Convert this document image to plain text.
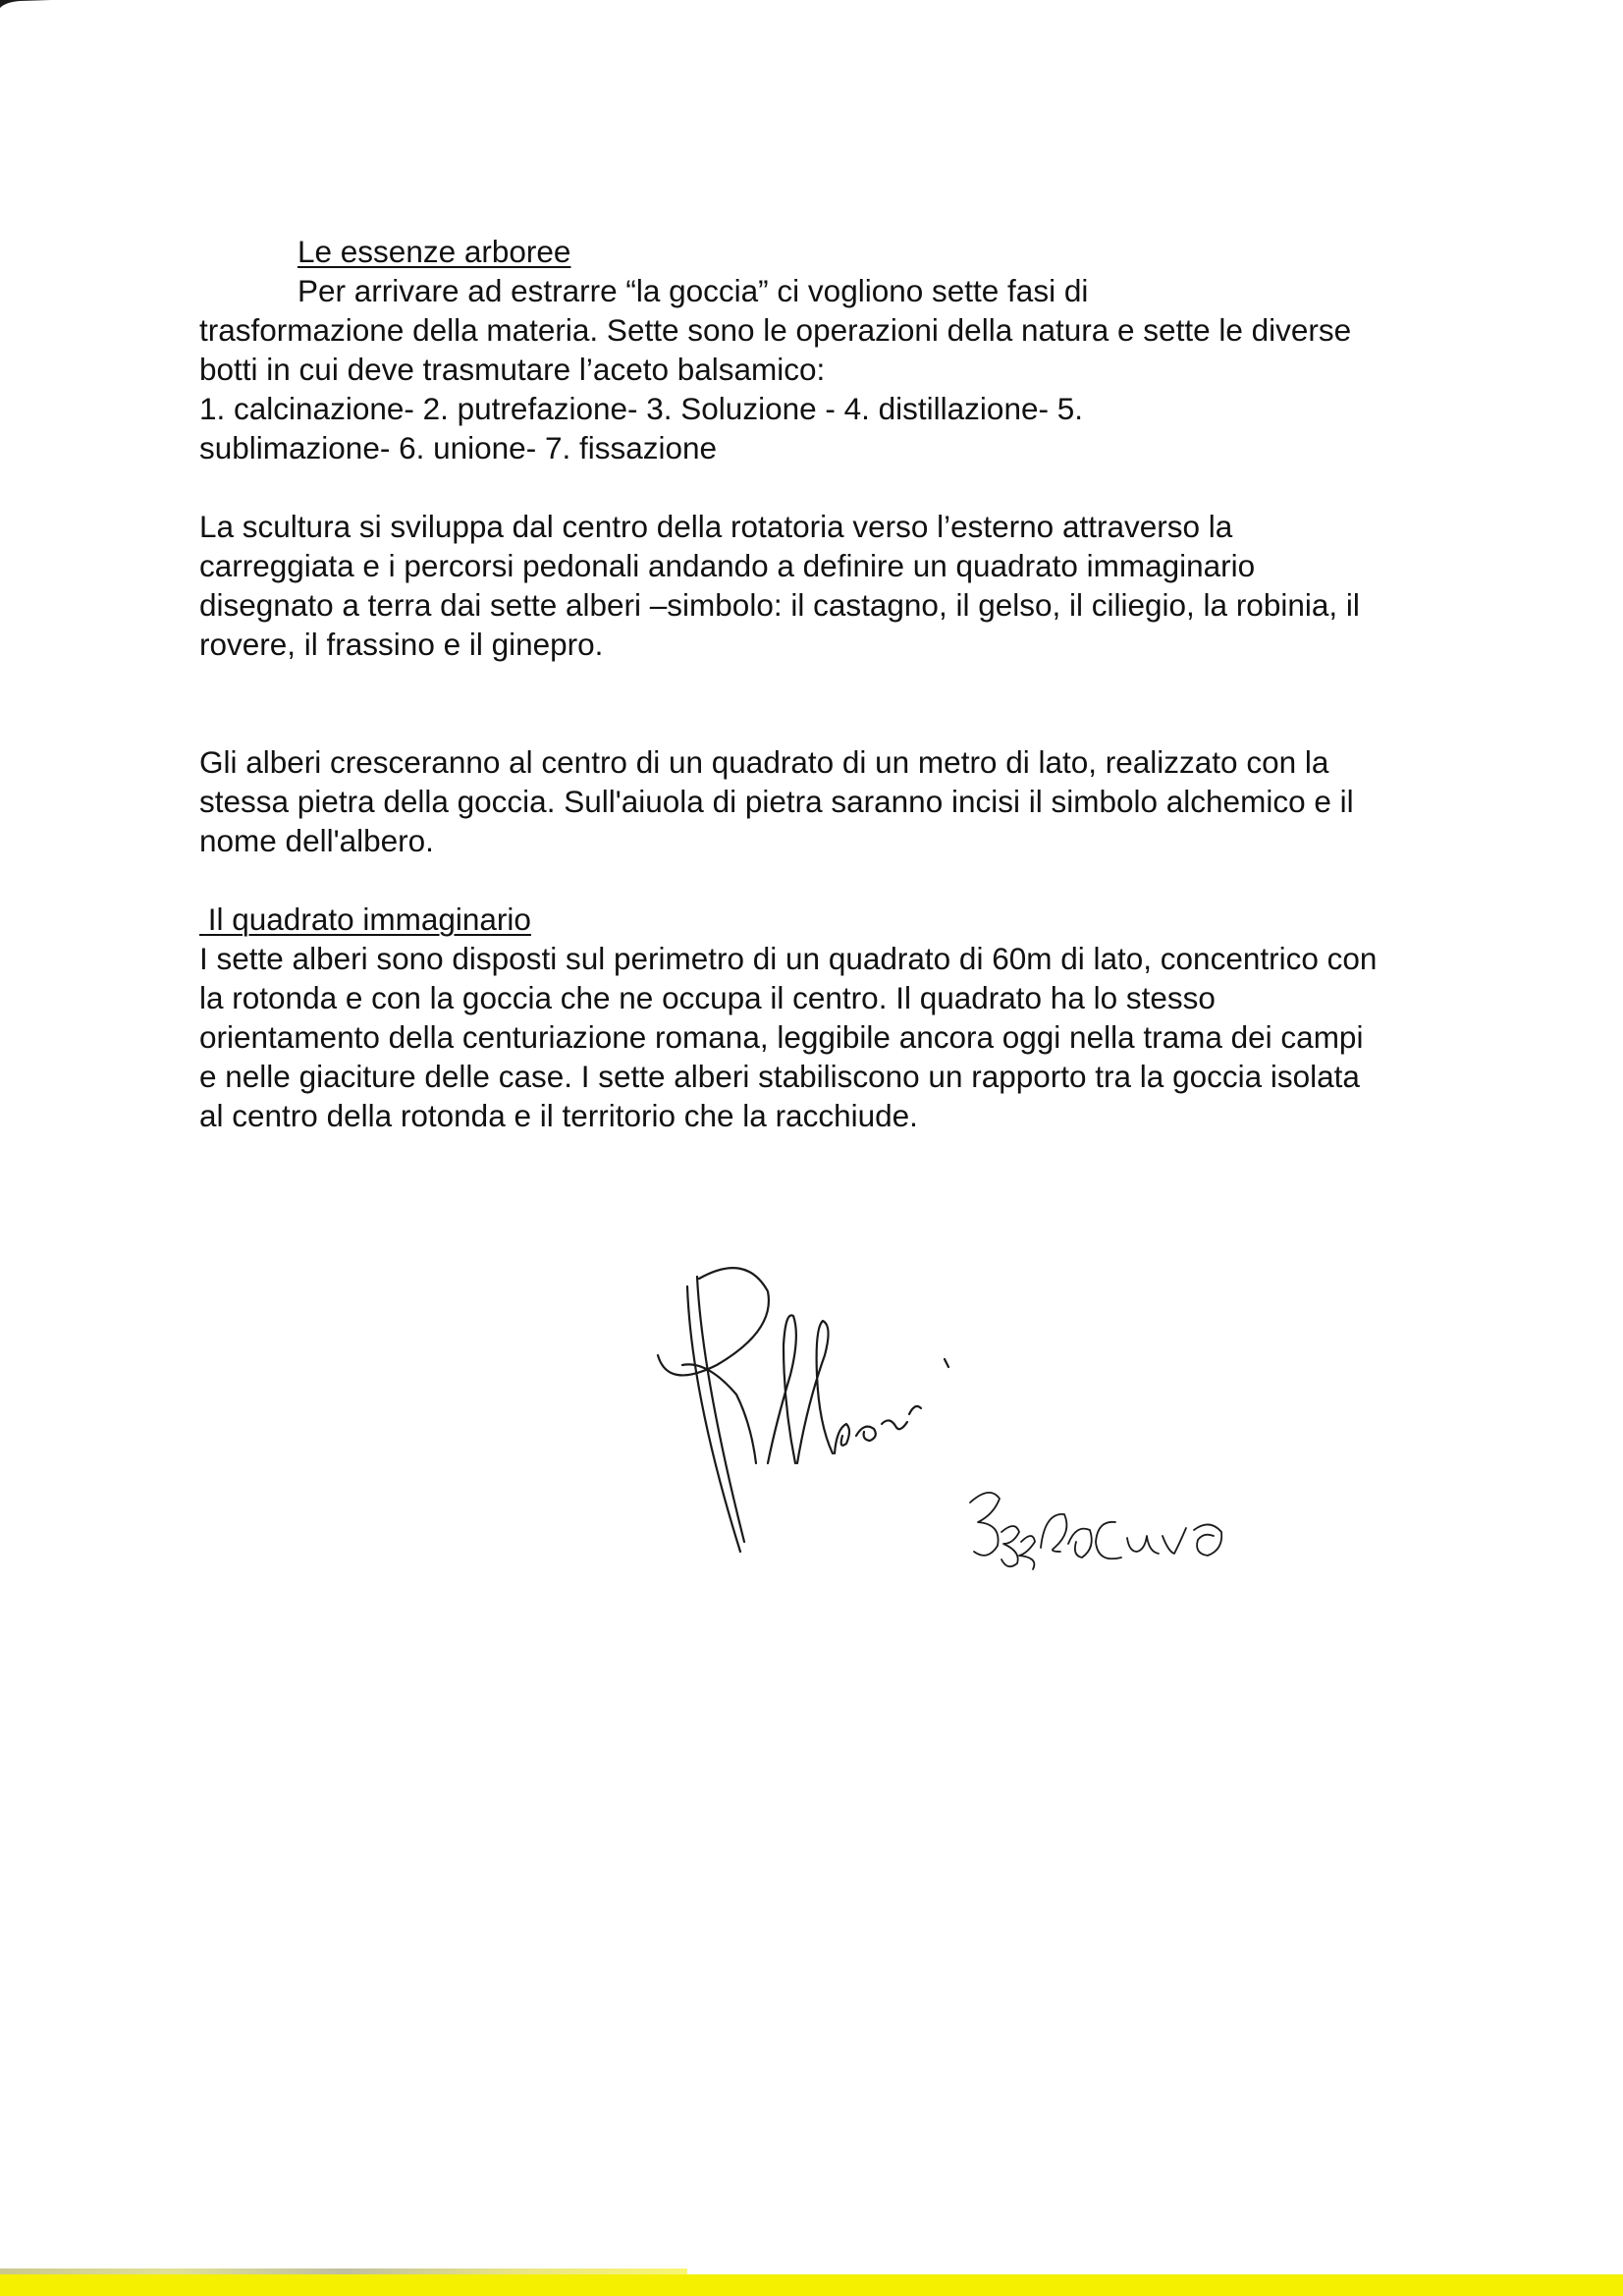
Le essenze arboree

Per arrivare ad estrarre “la goccia” ci vogliono sette fasi di

trasformazione della materia. Sette sono le operazioni della natura e sette le diverse botti in cui deve trasmutare l’aceto balsamico:

1. calcinazione- 2. putrefazione- 3. Soluzione - 4. distillazione- 5.

sublimazione- 6. unione- 7. fissazione

La scultura si sviluppa dal centro della rotatoria verso l’esterno attraverso la carreggiata e i percorsi pedonali andando a definire un quadrato immaginario disegnato a terra dai sette alberi –simbolo: il castagno, il gelso, il ciliegio, la robinia, il rovere, il frassino e il ginepro.

Gli alberi cresceranno al centro di un quadrato di un metro di lato, realizzato con la stessa pietra della goccia. Sull'aiuola di pietra saranno incisi il simbolo alchemico e il nome dell'albero.

Il quadrato immaginario

I sette alberi sono disposti sul perimetro di un quadrato di 60m di lato, concentrico con la rotonda e con la goccia che ne occupa il centro. Il quadrato ha lo stesso orientamento della centuriazione romana, leggibile ancora oggi nella trama dei campi e nelle giaciture delle case. I sette alberi stabiliscono un rapporto tra la goccia isolata al centro della rotonda e il territorio che la racchiude.
